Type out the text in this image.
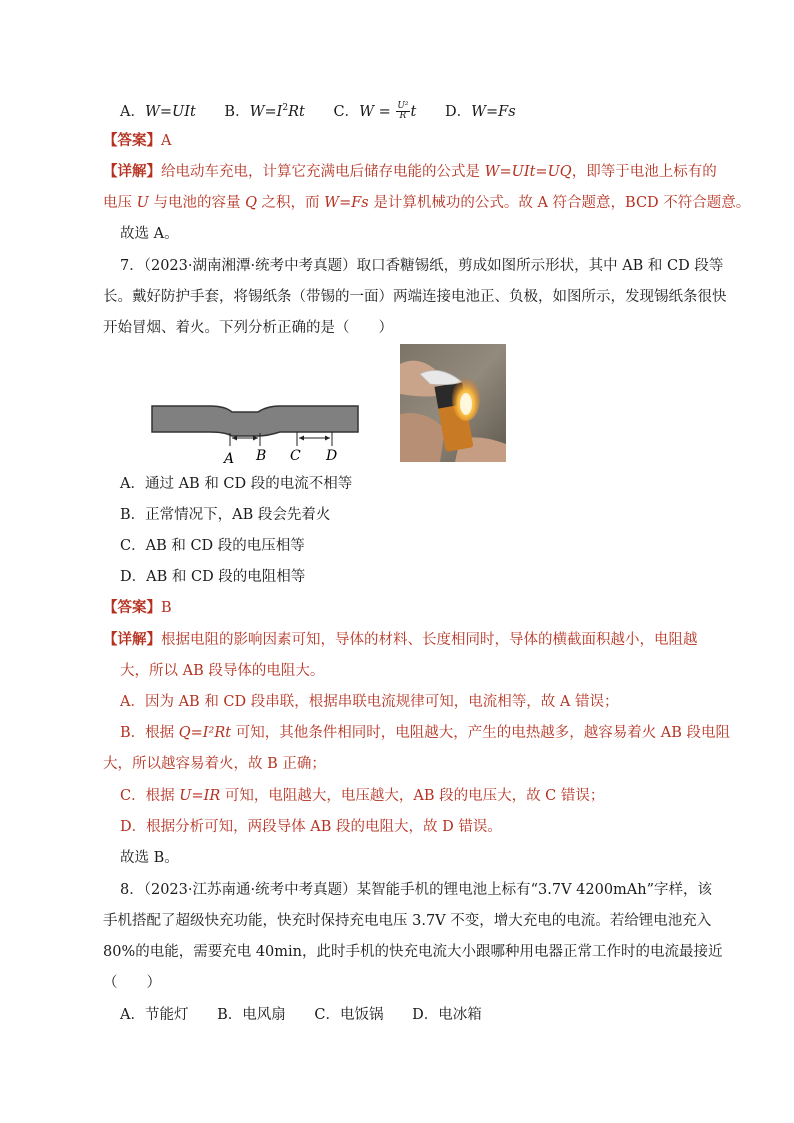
A．W=UIt B．$W=I^2Rt$ C．$W = \frac{\text{U²}}{R}$ t D．W=Fs
【答案】A
【详解】给电动车充电，计算它充满电后储存电能的公式是 W=UIt=UQ，即等于电池上标有的
电压 U 与电池的容量 Q 之积，而 W=Fs 是计算机械功的公式。故 A 符合题意，BCD 不符合题意。
故选 A。
7．（2023·湖南湘潭·统考中考真题）取口香糖锡纸，剪成如图所示形状，其中 AB 和 CD 段等
长。戴好防护手套，将锡纸条（带锡的一面）两端连接电池正、负极，如图所示，发现锡纸条很快
开始冒烟、着火。下列分析正确的是（　　）
A B C D
A．通过 AB 和 CD 段的电流不相等
B．正常情况下，AB 段会先着火
C．AB 和 CD 段的电压相等
D．AB 和 CD 段的电阻相等
【答案】B
【详解】根据电阻的影响因素可知，导体的材料、长度相同时，导体的横截面积越小，电阻越
大，所以 AB 段导体的电阻大。
A．因为 AB 和 CD 段串联，根据串联电流规律可知，电流相等，故 A 错误；
B．根据 Q=I²Rt 可知，其他条件相同时，电阻越大，产生的电热越多，越容易着火 AB 段电阻
大，所以越容易着火，故 B 正确；
C．根据 U=IR 可知，电阻越大，电压越大，AB 段的电压大，故 C 错误；
D．根据分析可知，两段导体 AB 段的电阻大，故 D 错误。
故选 B。
8．（2023·江苏南通·统考中考真题）某智能手机的锂电池上标有“3.7V 4200mAh”字样，该
手机搭配了超级快充功能，快充时保持充电电压 3.7V 不变，增大充电的电流。若给锂电池充入
80%的电能，需要充电 40min，此时手机的快充电流大小跟哪种用电器正常工作时的电流最接近
（　　）
A．节能灯 B．电风扇 C．电饭锅 D．电冰箱
